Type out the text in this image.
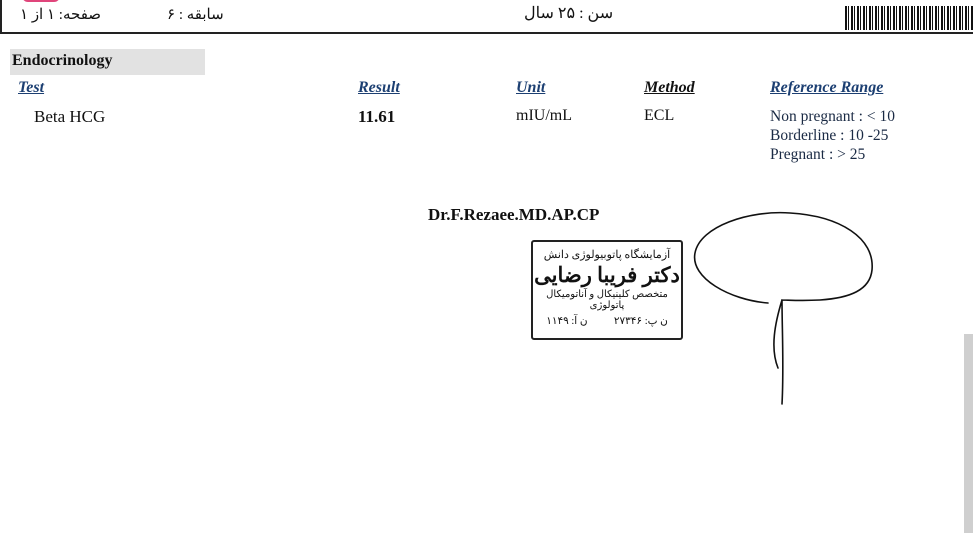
صفحه: ۱ از ۱	سابقه : ۶	سن : ۲۵ سال
Endocrinology
Test	Result	Unit	Method	Reference Range
Beta HCG	11.61	mIU/mL	ECL	Non pregnant : < 10
Borderline : 10 -25
Pregnant : > 25
Dr.F.Rezaee.MD.AP.CP
آزمایشگاه پاتوبیولوژی دانش
دکتر فریبا رضایی
متخصص کلینیکال و آناتومیکال پاتولوژی
ن پ: ۲۷۳۴۶
ن آ: ۱۱۴۹
